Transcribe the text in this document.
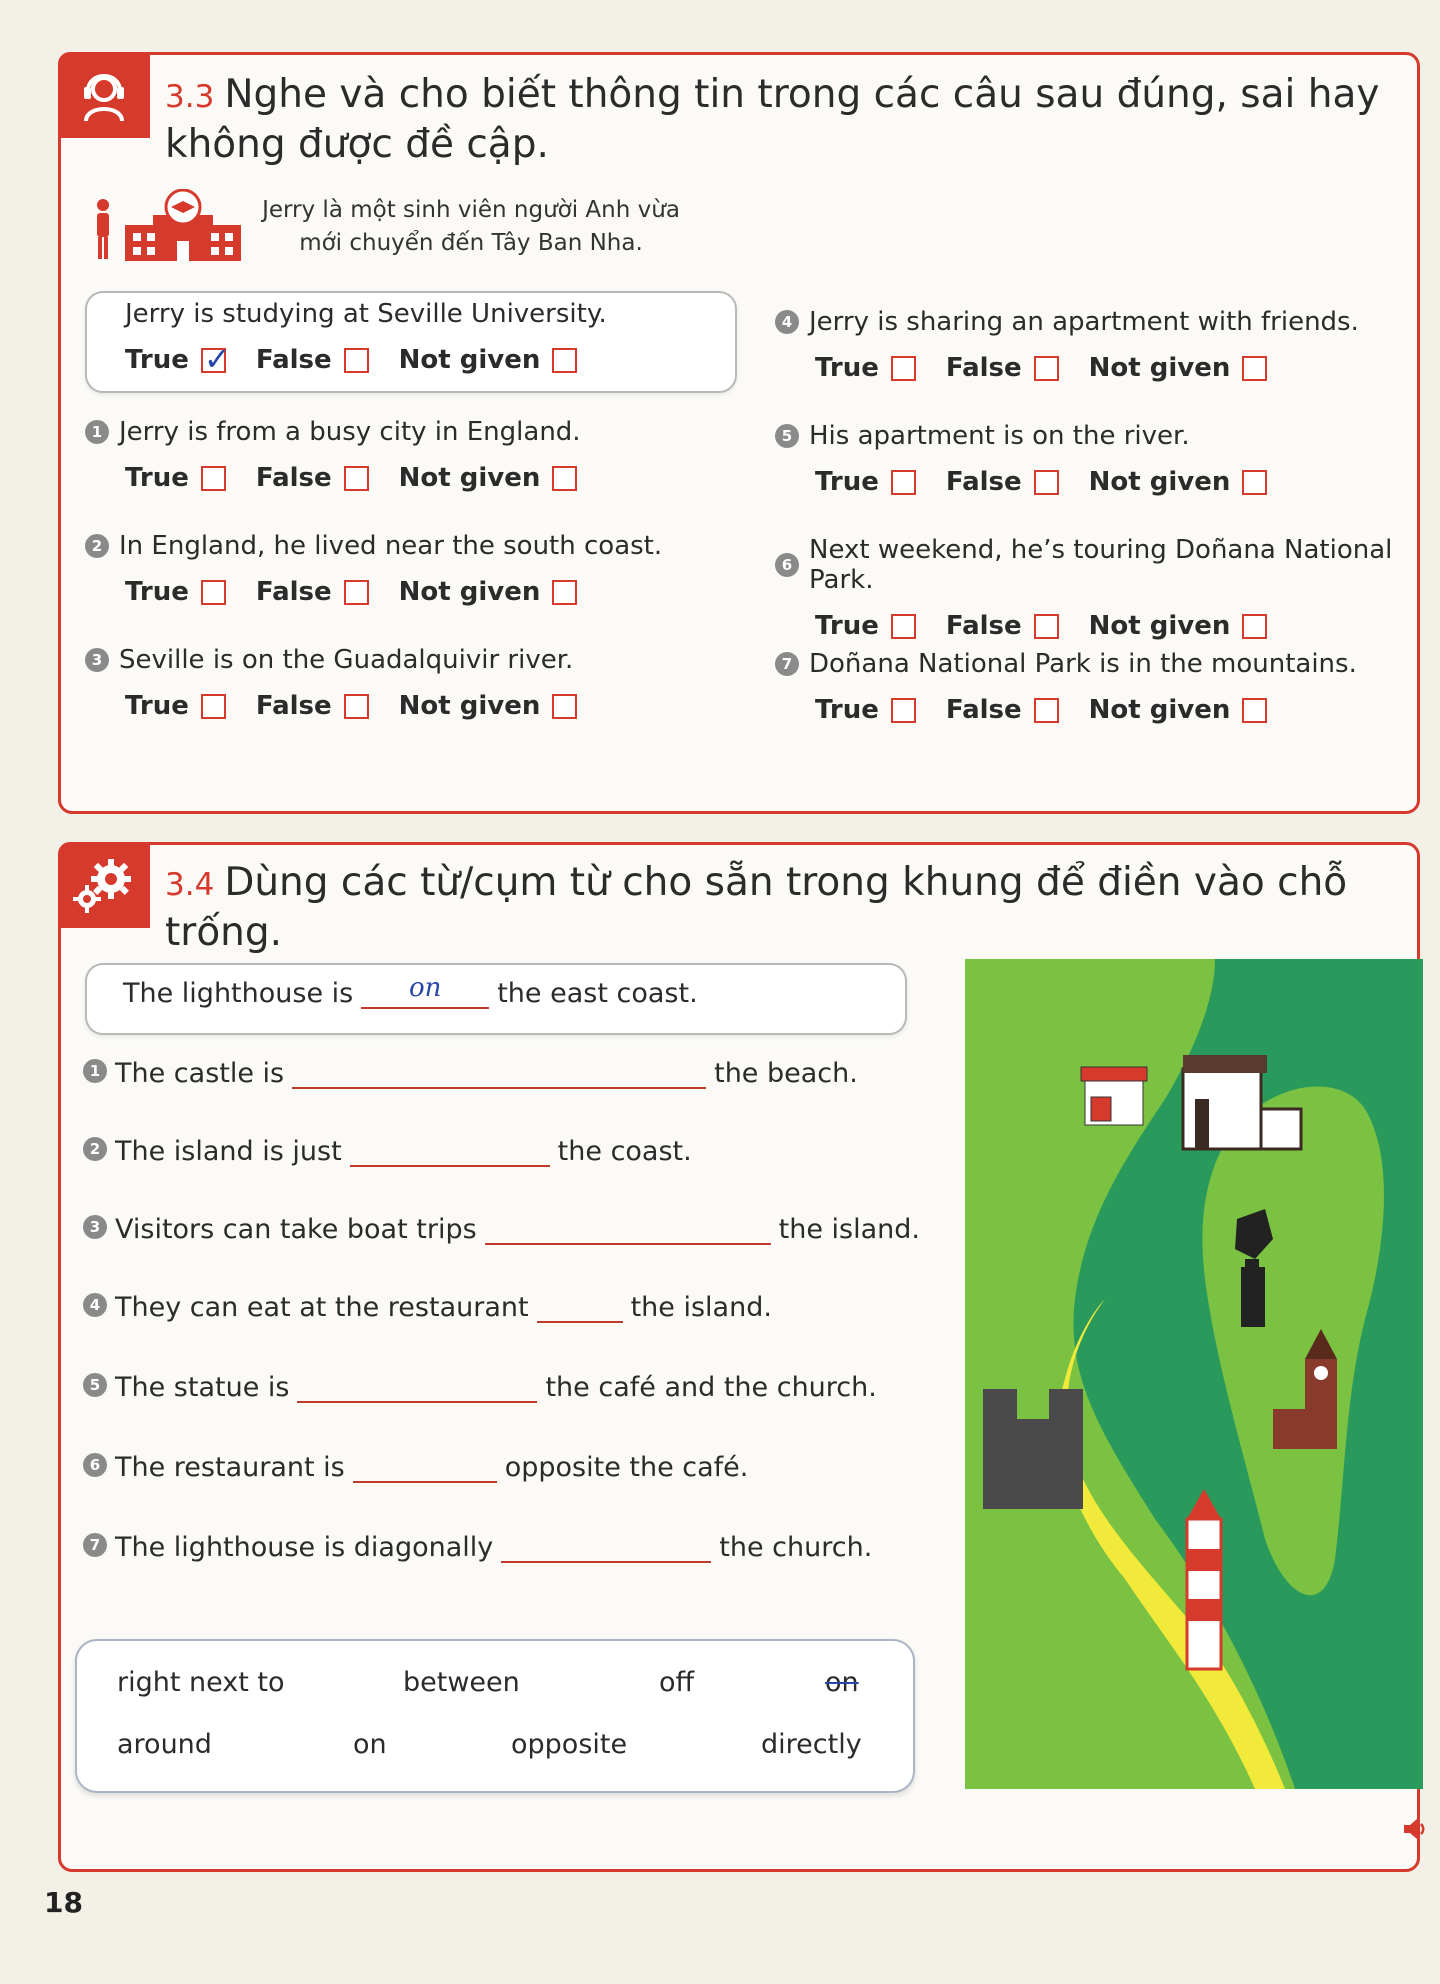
3.3 Nghe và cho biết thông tin trong các câu sau đúng, sai hay không được đề cập.
Jerry là một sinh viên người Anh vừa mới chuyển đến Tây Ban Nha.
Jerry is studying at Seville University.
True ✓ False	Not given
1 Jerry is from a busy city in England.
True	False	Not given
2 In England, he lived near the south coast.
True	False	Not given
3 Seville is on the Guadalquivir river.
True	False	Not given
4 Jerry is sharing an apartment with friends.
True	False	Not given
5 His apartment is on the river.
True	False	Not given
6 Next weekend, he’s touring Doñana National Park.
True	False	Not given
7 Doñana National Park is in the mountains.
True	False	Not given
3.4 Dùng các từ/cụm từ cho sẵn trong khung để điền vào chỗ trống.
The lighthouse is	on	the east coast.
1 The castle is	the beach.
2 The island is just	the coast.
3 Visitors can take boat trips	the island.
4 They can eat at the restaurant	the island.
5 The statue is	the café and the church.
6 The restaurant is	opposite the café.
7 The lighthouse is diagonally	the church.
right next to	between	off	on
around	on	opposite	directly
18
